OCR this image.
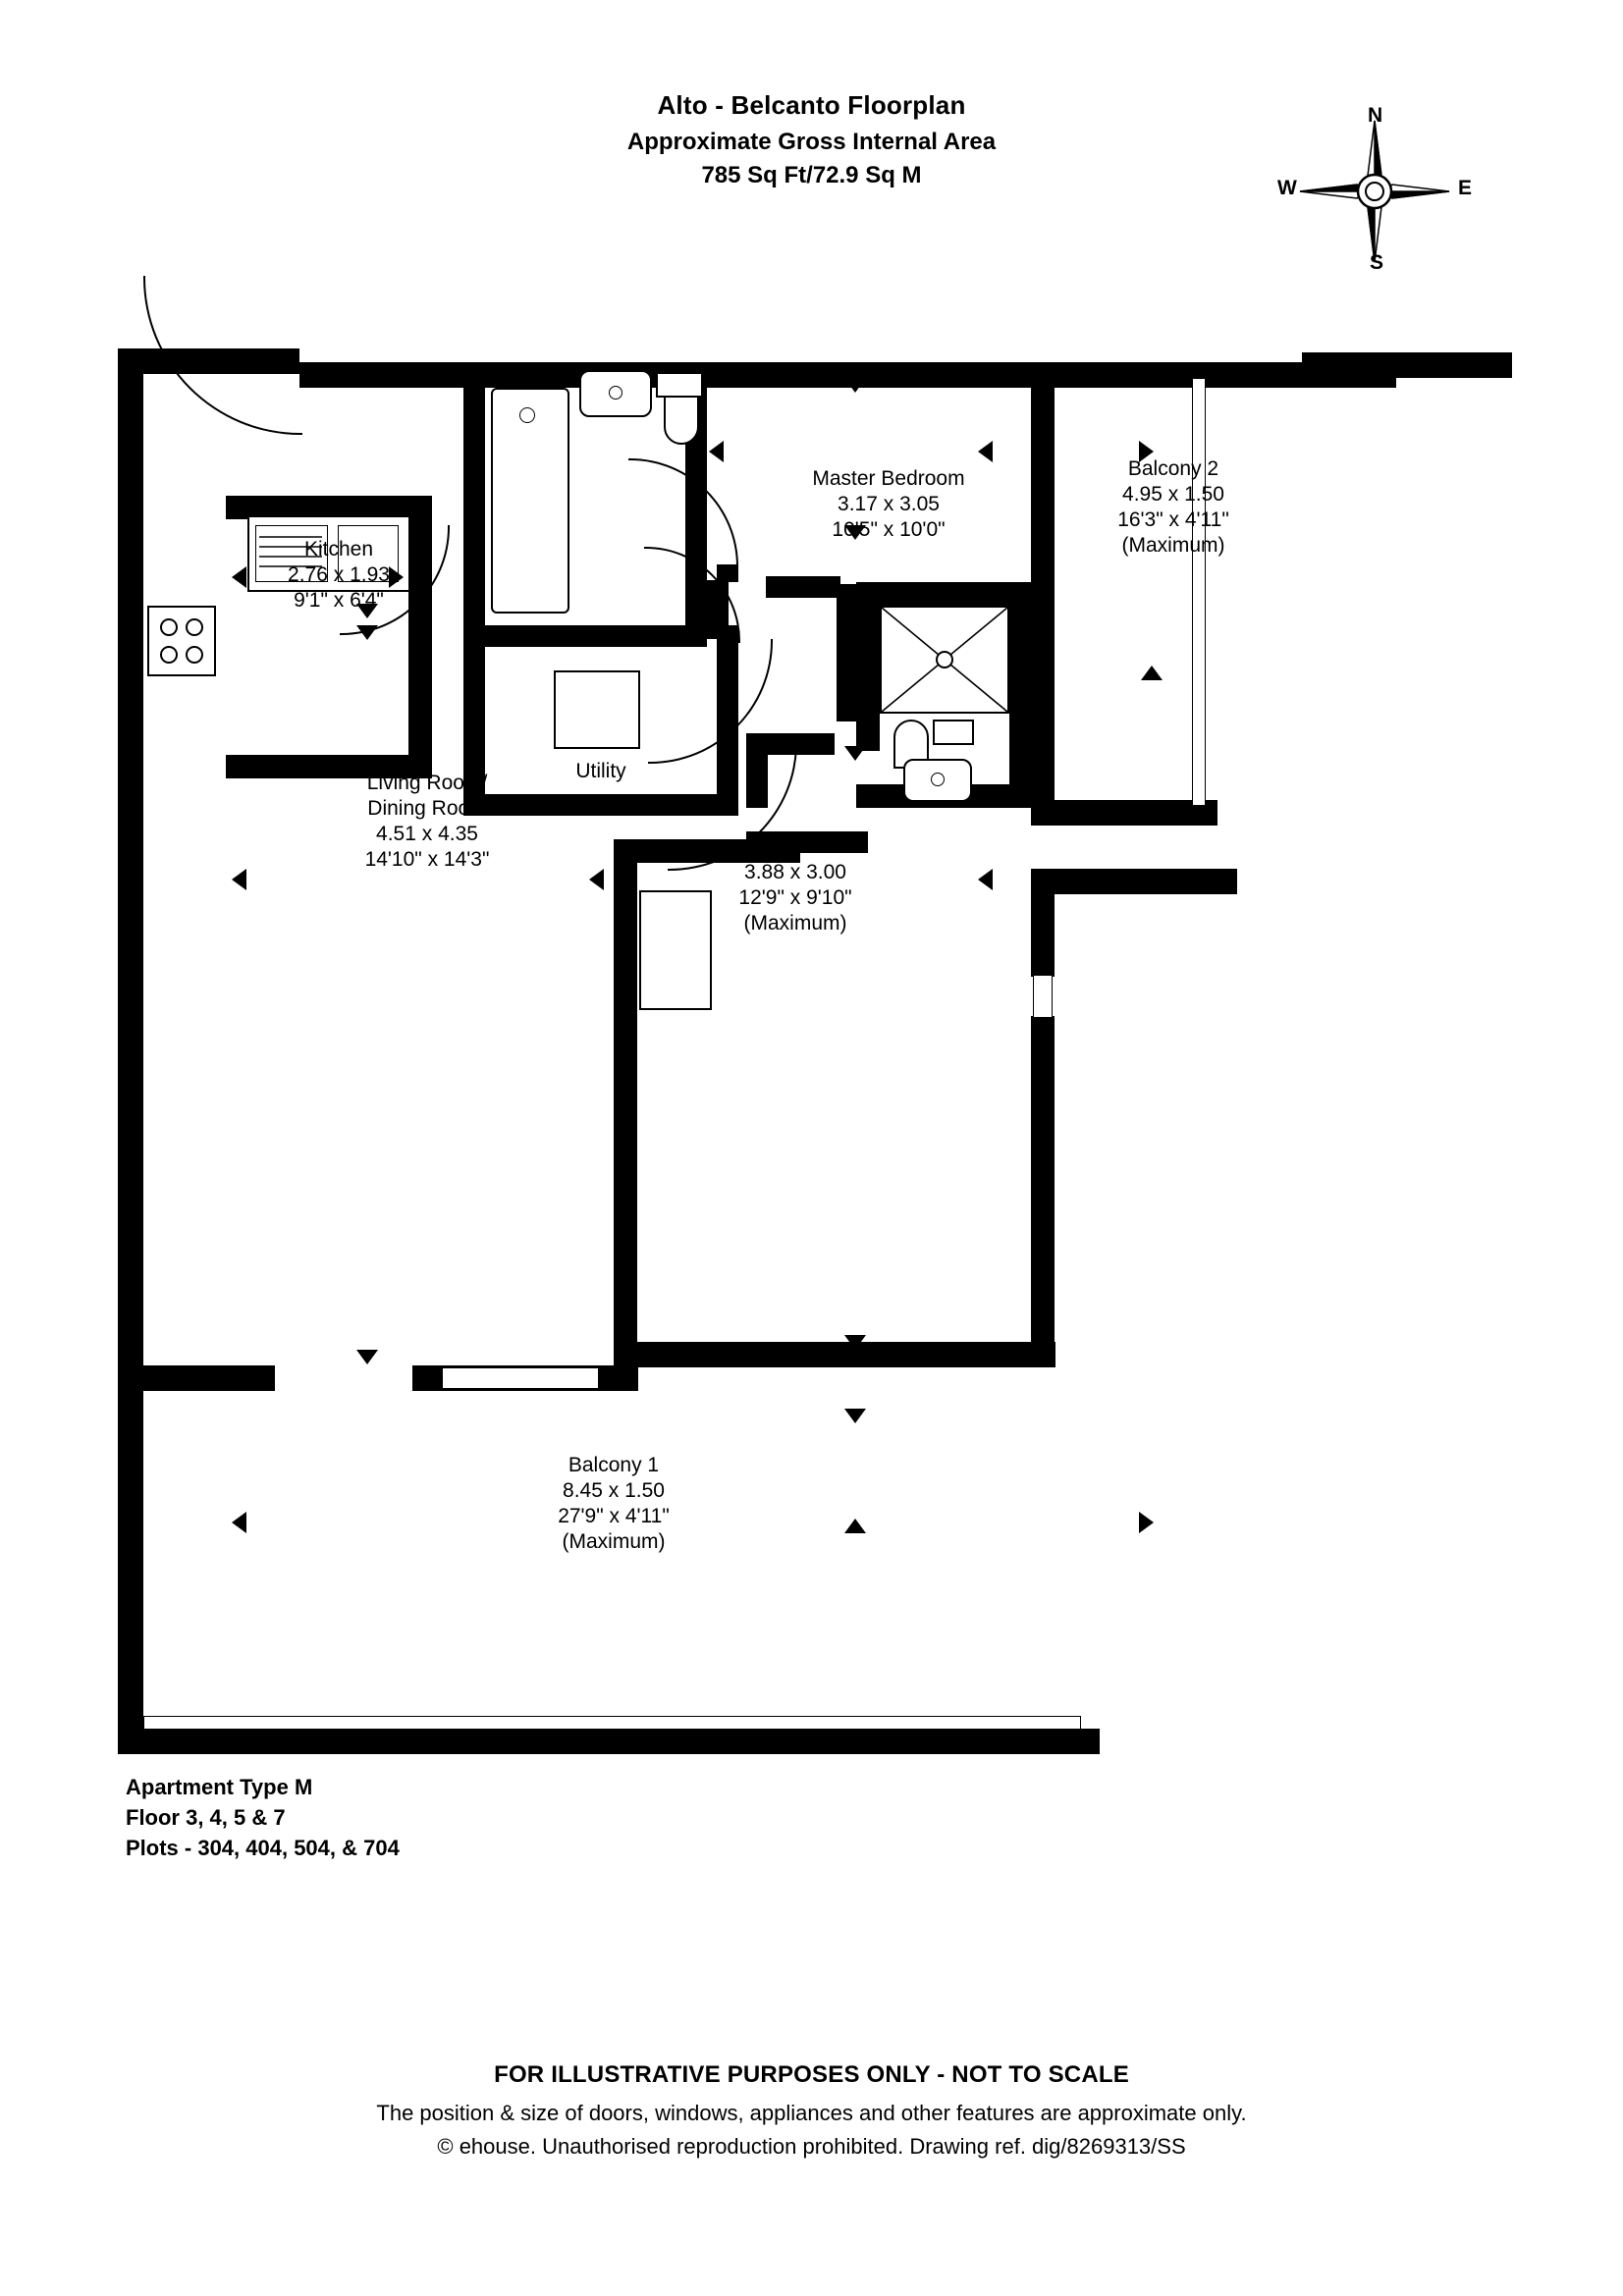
Alto - Belcanto Floorplan
Approximate Gross Internal Area
785 Sq Ft/72.9 Sq M
N
S
W	E
Kitchen
2.76 x 1.93
9'1" x 6'4"
Utility
Master Bedroom
3.17 x 3.05
10'5" x 10'0"
Living Room/
Dining Room
4.51 x 4.35
14'10" x 14'3"
Bedroom 2
3.88 x 3.00
12'9" x 9'10"
(Maximum)
Balcony 2
4.95 x 1.50
16'3" x 4'11"
(Maximum)
Balcony 1
8.45 x 1.50
27'9" x 4'11"
(Maximum)
Apartment Type M
Floor 3, 4, 5 & 7
Plots - 304, 404, 504, & 704
FOR ILLUSTRATIVE PURPOSES ONLY - NOT TO SCALE
The position & size of doors, windows, appliances and other features are approximate only.
© ehouse. Unauthorised reproduction prohibited. Drawing ref. dig/8269313/SS
